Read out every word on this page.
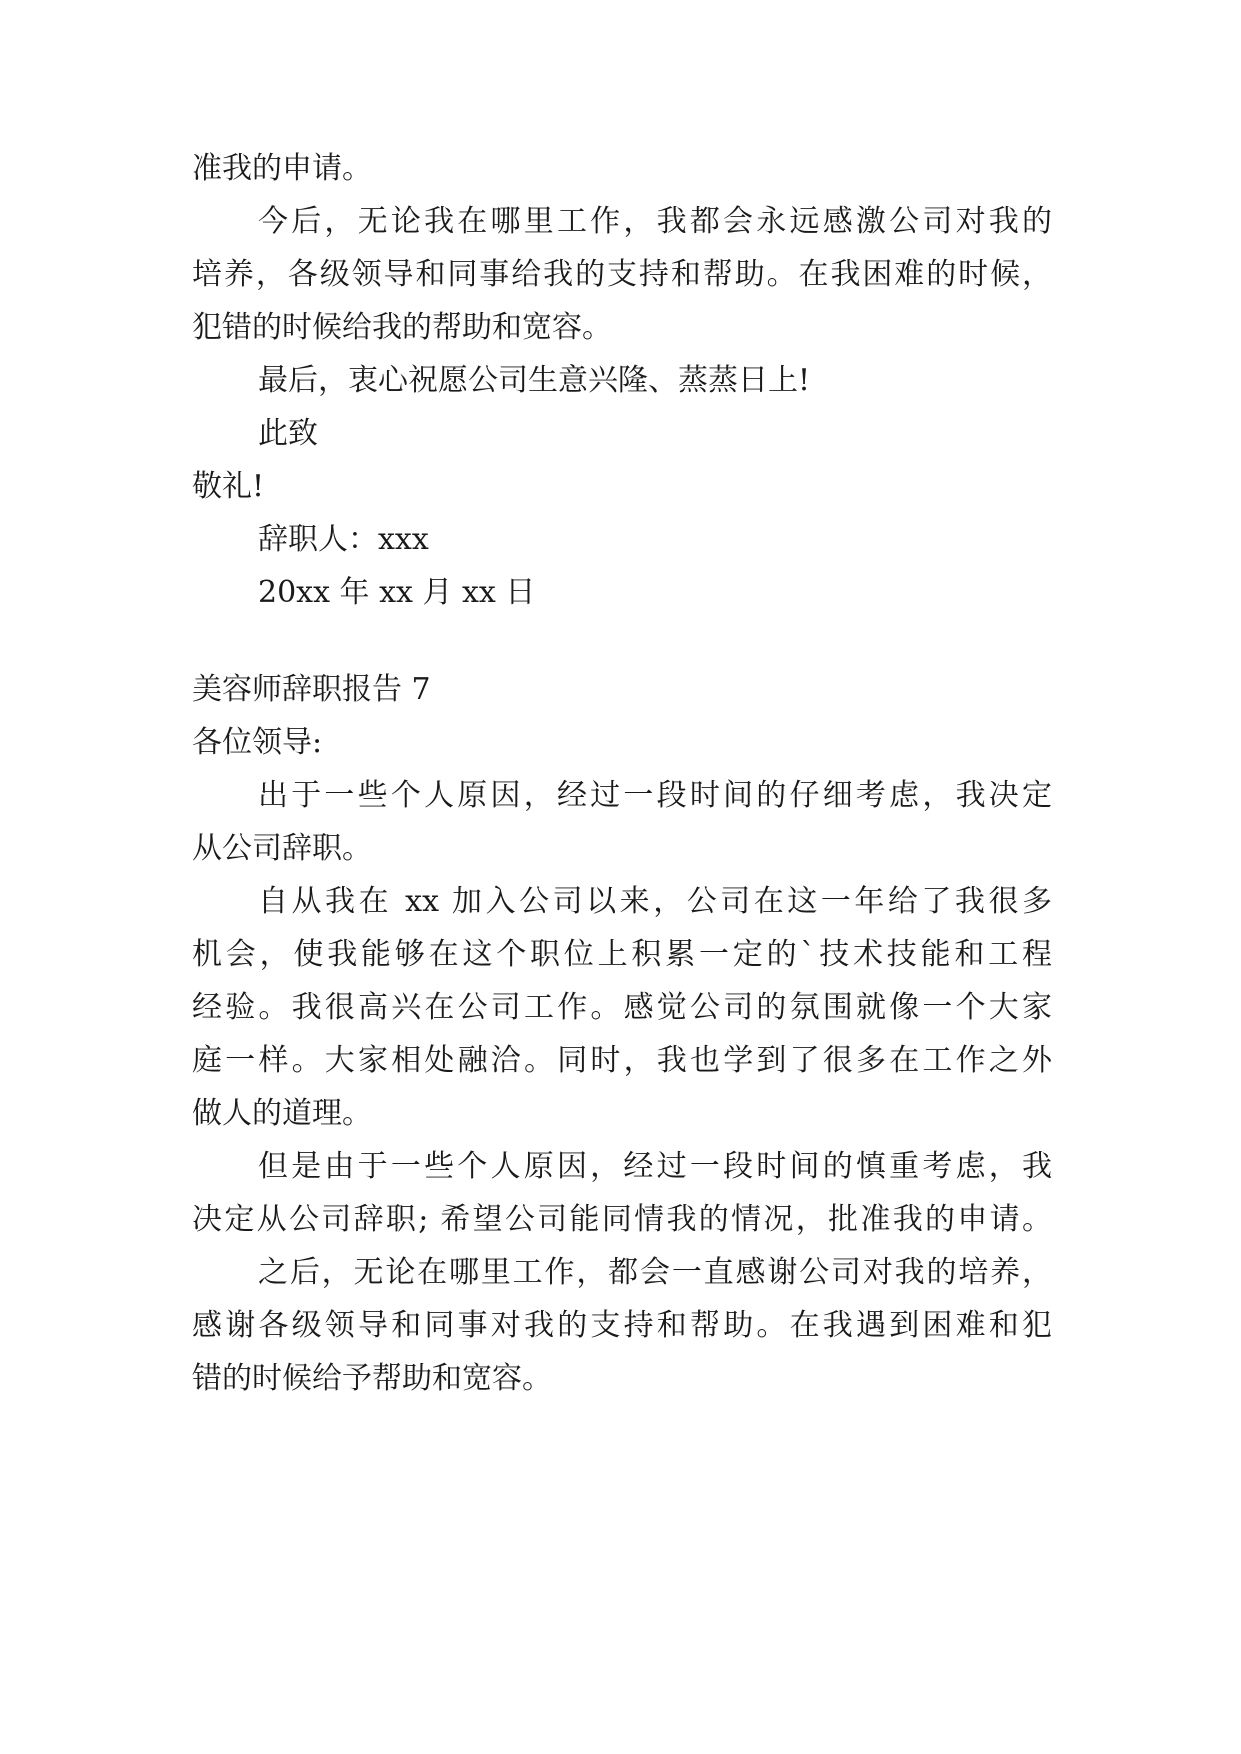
准我的申请。
今后，无论我在哪里工作，我都会永远感激公司对我的
培养，各级领导和同事给我的支持和帮助。在我困难的时候，
犯错的时候给我的帮助和宽容。
最后，衷心祝愿公司生意兴隆、蒸蒸日上!
此致
敬礼!
辞职人：xxx
20xx 年 xx 月 xx 日
美容师辞职报告 7
各位领导:
出于一些个人原因，经过一段时间的仔细考虑，我决定
从公司辞职。
自从我在 xx 加入公司以来，公司在这一年给了我很多
机会，使我能够在这个职位上积累一定的`技术技能和工程
经验。我很高兴在公司工作。感觉公司的氛围就像一个大家
庭一样。大家相处融洽。同时，我也学到了很多在工作之外
做人的道理。
但是由于一些个人原因，经过一段时间的慎重考虑，我
决定从公司辞职; 希望公司能同情我的情况，批准我的申请。
之后，无论在哪里工作，都会一直感谢公司对我的培养，
感谢各级领导和同事对我的支持和帮助。在我遇到困难和犯
错的时候给予帮助和宽容。
